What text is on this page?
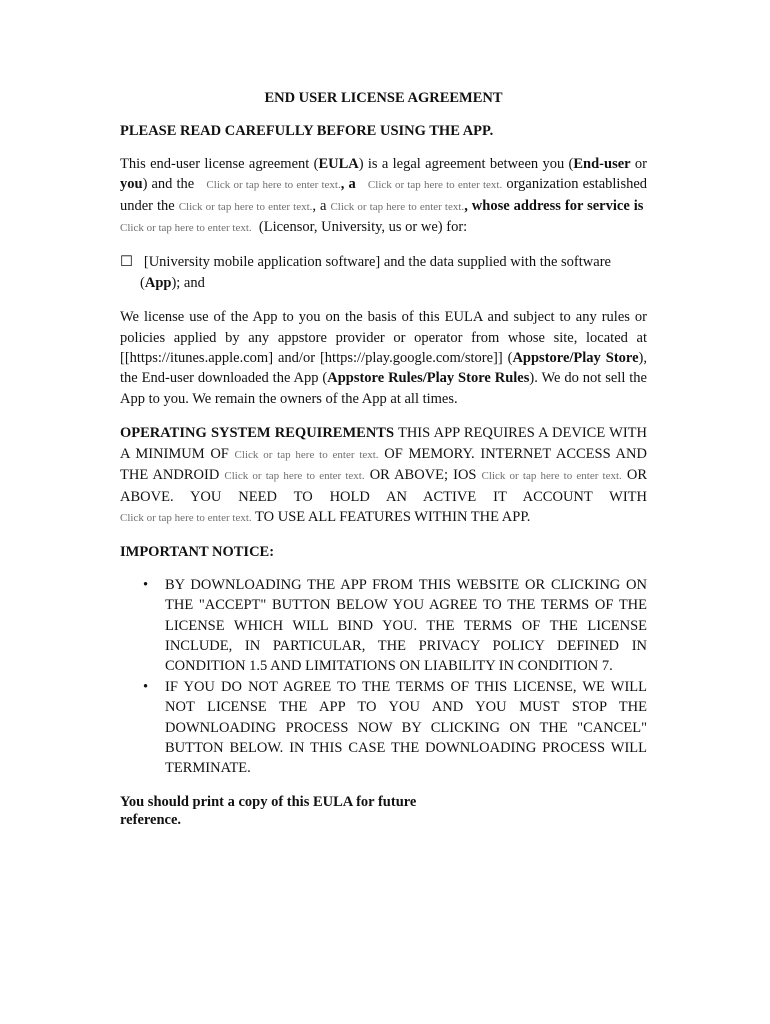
END USER LICENSE AGREEMENT
PLEASE READ CAREFULLY BEFORE USING THE APP.

This end-user license agreement (EULA) is a legal agreement between you (End-user or you) and the Click or tap here to enter text., a Click or tap here to enter text. organization established under the Click or tap here to enter text., a Click or tap here to enter text., whose address for service is  Click or tap here to enter text. (Licensor, University, us or we) for:

☐   [University mobile application software] and the data supplied with the software
(App); and

We license use of the App to you on the basis of this EULA and subject to any rules or policies applied by any appstore provider or operator from whose site, located at [[https://itunes.apple.com] and/or [https://play.google.com/store]] (Appstore/Play Store), the End-user downloaded the App (Appstore Rules/Play Store Rules). We do not sell the App to you. We remain the owners of the App at all times.

OPERATING SYSTEM REQUIREMENTS THIS APP REQUIRES A DEVICE WITH A MINIMUM OF Click or tap here to enter text. OF MEMORY. INTERNET ACCESS AND THE ANDROID Click or tap here to enter text. OR ABOVE; IOS Click or tap here to enter text. OR ABOVE. YOU NEED TO HOLD AN ACTIVE IT ACCOUNT WITH Click or tap here to enter text. TO USE ALL FEATURES WITHIN THE APP.

IMPORTANT NOTICE:
• BY DOWNLOADING THE APP FROM THIS WEBSITE OR CLICKING ON THE "ACCEPT" BUTTON BELOW YOU AGREE TO THE TERMS OF THE LICENSE WHICH WILL BIND YOU. THE TERMS OF THE LICENSE INCLUDE, IN PARTICULAR, THE PRIVACY POLICY DEFINED IN CONDITION 1.5 AND LIMITATIONS ON LIABILITY IN CONDITION 7.
• IF YOU DO NOT AGREE TO THE TERMS OF THIS LICENSE, WE WILL NOT LICENSE THE APP TO YOU AND YOU MUST STOP THE DOWNLOADING PROCESS NOW BY CLICKING ON THE "CANCEL" BUTTON BELOW. IN THIS CASE THE DOWNLOADING PROCESS WILL TERMINATE.
You should print a copy of this EULA for future reference.
